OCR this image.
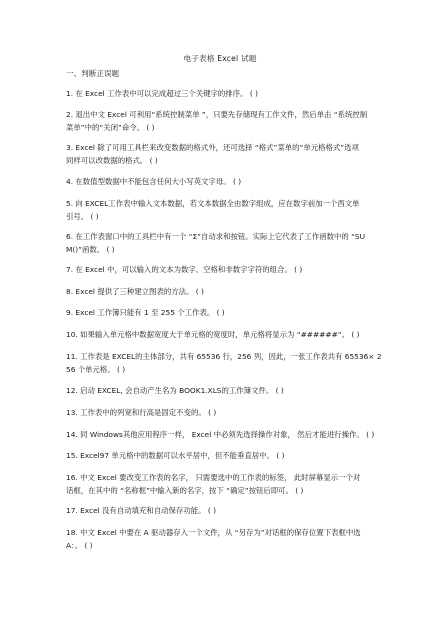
电子表格 Excel 试题
一、判断正误题
1. 在 Excel 工作表中可以完成超过三个关键字的排序。 ( )
2. 退出中文 Excel 可利用“系统控制菜单 ”，只要先存储现有工作文件，然后单击 “系统控制
菜单”中的“关闭”命令。 ( )
3. Excel 除了可用工具栏来改变数据的格式外，还可选择 “格式”菜单的“单元格格式”选项
同样可以改数据的格式。 ( )
4. 在数值型数据中不能包含任何大小写英文字母。 ( )
5. 向 EXCEL工作表中输入文本数据，若文本数据全由数字组成，应在数字前加一个西文单
引号。 ( )
6. 在工作表窗口中的工具栏中有一个 “Σ”自动求和按钮。实际上它代表了工作函数中的 “SU
M()”函数。 ( )
7. 在 Excel 中，可以输入的文本为数字、空格和非数字字符的组合。 ( )
8. Excel 提供了三种建立图表的方法。 ( )
9. Excel 工作簿只能有 1 至 255 个工作表。 ( )
10. 如果输入单元格中数据宽度大于单元格的宽度时，单元格将显示为 “######”。 ( )
11. 工作表是 EXCEL的主体部分，共有 65536 行，256 列，因此，一张工作表共有 65536× 2
56 个单元格。 ( )
12. 启动 EXCEL, 会自动产生名为 BOOK1.XLS的工作簿文件。 ( )
13. 工作表中的列宽和行高是固定不变的。 ( )
14. 同 Windows其他应用程序一样， Excel 中必须先选择操作对象， 然后才能进行操作。 ( )
15. Excel97 单元格中的数据可以水平居中，但不能垂直居中。 ( )
16. 中文 Excel 要改变工作表的名字， 只需要选中的工作表的标签， 此时屏幕显示一个对
话框，在其中的 “名称框”中输入新的名字，按下 “确定”按钮后即可。 ( )
17. Excel 没有自动填充和自动保存功能。 ( )
18. 中文 Excel 中要在 A 驱动器存入一个文件，从 “另存为”对话框的保存位置下表框中选
A：。 ( )
